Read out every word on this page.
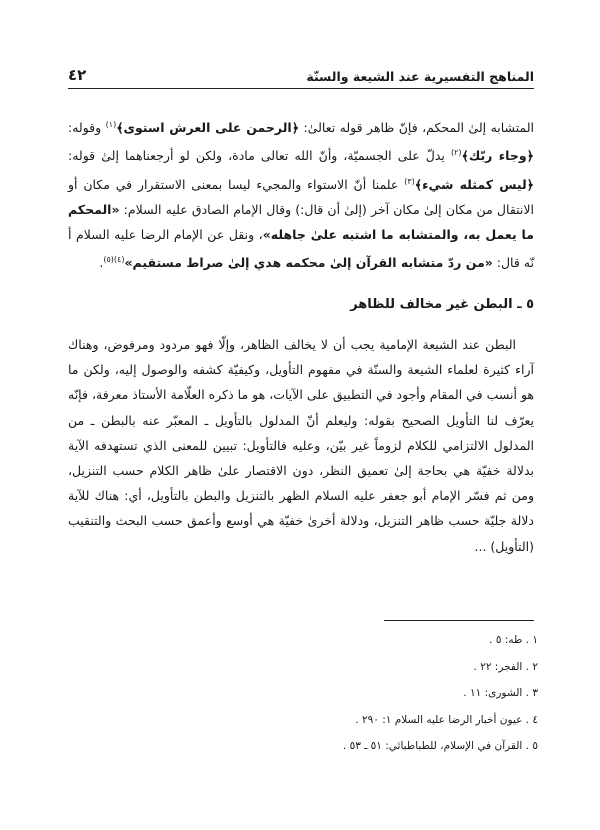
٤٢	المناهج التفسيرية عند الشيعة والسنّة

المتشابه إلىٰ المحكم، فإنّ ظاهر قوله تعالىٰ: ﴿الرحمن على العرش استوى﴾$^{(١)}$ وقوله: ﴿وجاء ربّك﴾$^{(٢)}$ يدلّ على الجسميّة، وأنّ الله تعالى مادة، ولكن لو أرجعناهما إلىٰ قوله: ﴿ليس كمثله شيء﴾$^{(٣)}$ علمنا أنّ الاستواء والمجيء ليسا بمعنى الاستقرار في مكان أو الانتقال من مكان إلىٰ مكان آخر (إلىٰ أن قال:) وقال الإمام الصادق عليه السلام: «المحكم ما يعمل به، والمتشابه ما اشتبه علىٰ جاهله»، ونقل عن الإمام الرضا عليه السلام أ نّه قال: «من ردّ متشابه القرآن إلىٰ محكمه هدي إلىٰ صراط مستقيم»$^{(٤)(٥)}$.

٥ ـ البطن غير مخالف للظاهر

البطن عند الشيعة الإمامية يجب أن لا يخالف الظاهر، وإلّا فهو مردود ومرفوض، وهناك آراء كثيرة لعلماء الشيعة والسنّة في مفهوم التأويل، وكيفيّة كشفه والوصول إليه، ولكن ما هو أنسب في المقام وأجود في التطبيق على الآيات، هو ما ذكره العلّامة الأستاذ معرفة، فإنّه يعرّف لنا التأويل الصحيح بقوله: وليعلم أنّ المدلول بالتأويل ـ المعبّر عنه بالبطن ـ من المدلول الالتزامي للكلام لزوماً غير بيّن، وعليه فالتأويل: تبيين للمعنى الذي تستهدفه الآية بدلالة خفيّة هي بحاجة إلىٰ تعميق النظر، دون الاقتصار علىٰ ظاهر الكلام حسب التنزيل، ومن ثم فسّر الإمام أبو جعفر عليه السلام الظهر بالتنزيل والبطن بالتأويل، أي: هناك للآية دلالة جليّة حسب ظاهر التنزيل، ودلالة أخرىٰ خفيّة هي أوسع وأعمق حسب البحث والتنقيب (التأويل) ...

١ . طه: ٥ .
٢ . الفجر: ٢٢ .
٣ . الشورى: ١١ .
٤ . عيون أخبار الرضا عليه السلام ١: ٢٩٠ .
٥ . القرآن في الإسلام، للطباطبائي: ٥١ ـ ٥٣ .
